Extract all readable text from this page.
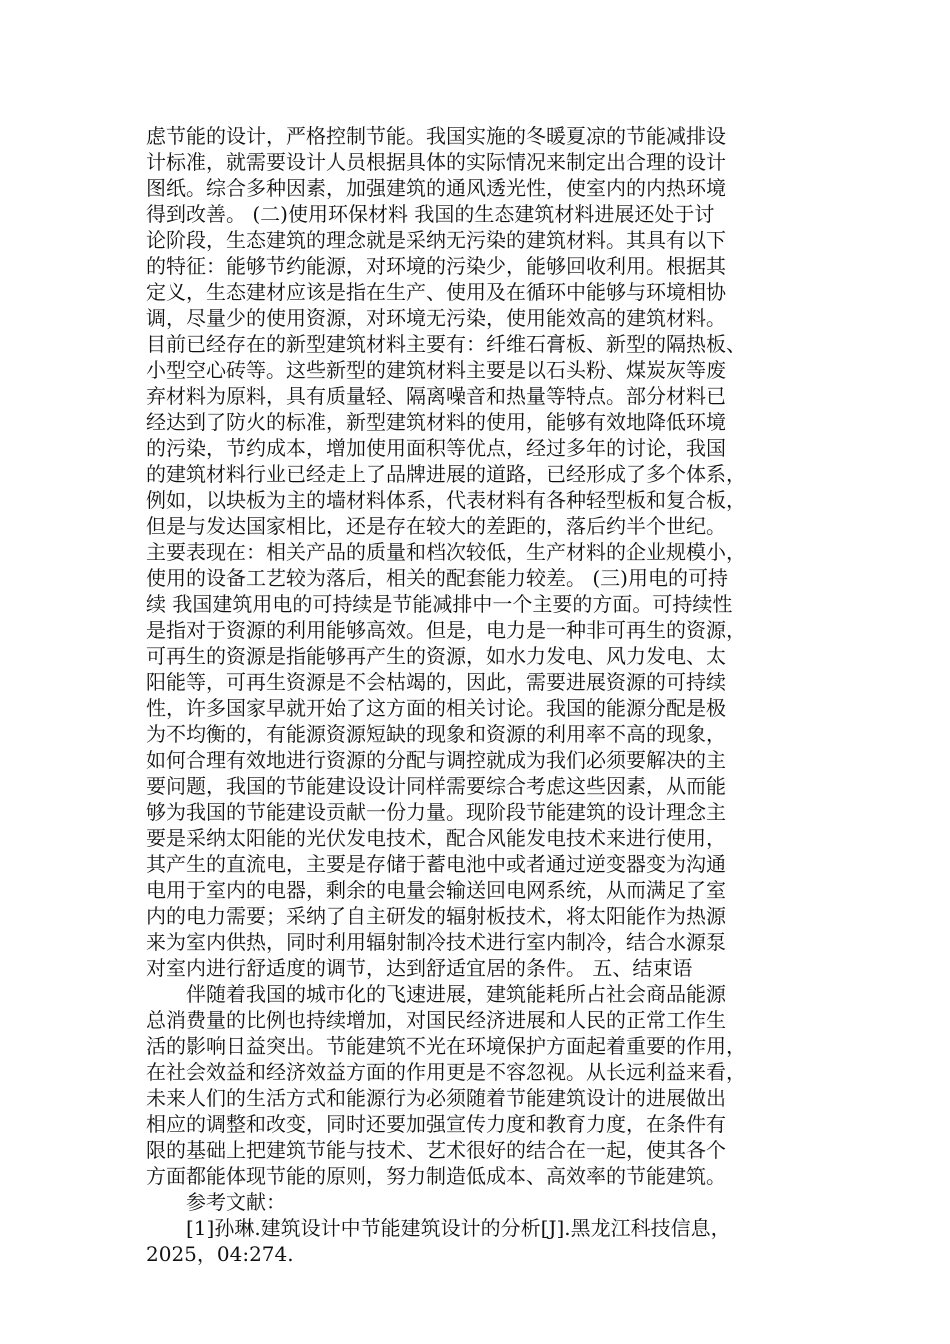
虑节能的设计，严格控制节能。我国实施的冬暖夏凉的节能减排设
计标准，就需要设计人员根据具体的实际情况来制定出合理的设计
图纸。综合多种因素，加强建筑的通风透光性，使室内的内热环境
得到改善。 (二)使用环保材料 我国的生态建筑材料进展还处于讨
论阶段，生态建筑的理念就是采纳无污染的建筑材料。其具有以下
的特征：能够节约能源，对环境的污染少，能够回收利用。根据其
定义，生态建材应该是指在生产、使用及在循环中能够与环境相协
调，尽量少的使用资源，对环境无污染，使用能效高的建筑材料。
目前已经存在的新型建筑材料主要有：纤维石膏板、新型的隔热板、
小型空心砖等。这些新型的建筑材料主要是以石头粉、煤炭灰等废
弃材料为原料，具有质量轻、隔离噪音和热量等特点。部分材料已
经达到了防火的标准，新型建筑材料的使用，能够有效地降低环境
的污染，节约成本，增加使用面积等优点，经过多年的讨论，我国
的建筑材料行业已经走上了品牌进展的道路，已经形成了多个体系，
例如，以块板为主的墙材料体系，代表材料有各种轻型板和复合板，
但是与发达国家相比，还是存在较大的差距的，落后约半个世纪。
主要表现在：相关产品的质量和档次较低，生产材料的企业规模小，
使用的设备工艺较为落后，相关的配套能力较差。 (三)用电的可持
续 我国建筑用电的可持续是节能减排中一个主要的方面。可持续性
是指对于资源的利用能够高效。但是，电力是一种非可再生的资源，
可再生的资源是指能够再产生的资源，如水力发电、风力发电、太
阳能等，可再生资源是不会枯竭的，因此，需要进展资源的可持续
性，许多国家早就开始了这方面的相关讨论。我国的能源分配是极
为不均衡的，有能源资源短缺的现象和资源的利用率不高的现象，
如何合理有效地进行资源的分配与调控就成为我们必须要解决的主
要问题，我国的节能建设设计同样需要综合考虑这些因素，从而能
够为我国的节能建设贡献一份力量。现阶段节能建筑的设计理念主
要是采纳太阳能的光伏发电技术，配合风能发电技术来进行使用，
其产生的直流电，主要是存储于蓄电池中或者通过逆变器变为沟通
电用于室内的电器，剩余的电量会输送回电网系统，从而满足了室
内的电力需要；采纳了自主研发的辐射板技术，将太阳能作为热源
来为室内供热，同时利用辐射制冷技术进行室内制冷，结合水源泵
对室内进行舒适度的调节，达到舒适宜居的条件。 五、结束语
伴随着我国的城市化的飞速进展，建筑能耗所占社会商品能源
总消费量的比例也持续增加，对国民经济进展和人民的正常工作生
活的影响日益突出。节能建筑不光在环境保护方面起着重要的作用，
在社会效益和经济效益方面的作用更是不容忽视。从长远利益来看，
未来人们的生活方式和能源行为必须随着节能建筑设计的进展做出
相应的调整和改变，同时还要加强宣传力度和教育力度，在条件有
限的基础上把建筑节能与技术、艺术很好的结合在一起，使其各个
方面都能体现节能的原则，努力制造低成本、高效率的节能建筑。
参考文献：
[1]孙琳.建筑设计中节能建筑设计的分析[J].黑龙江科技信息，
2025，04:274.
